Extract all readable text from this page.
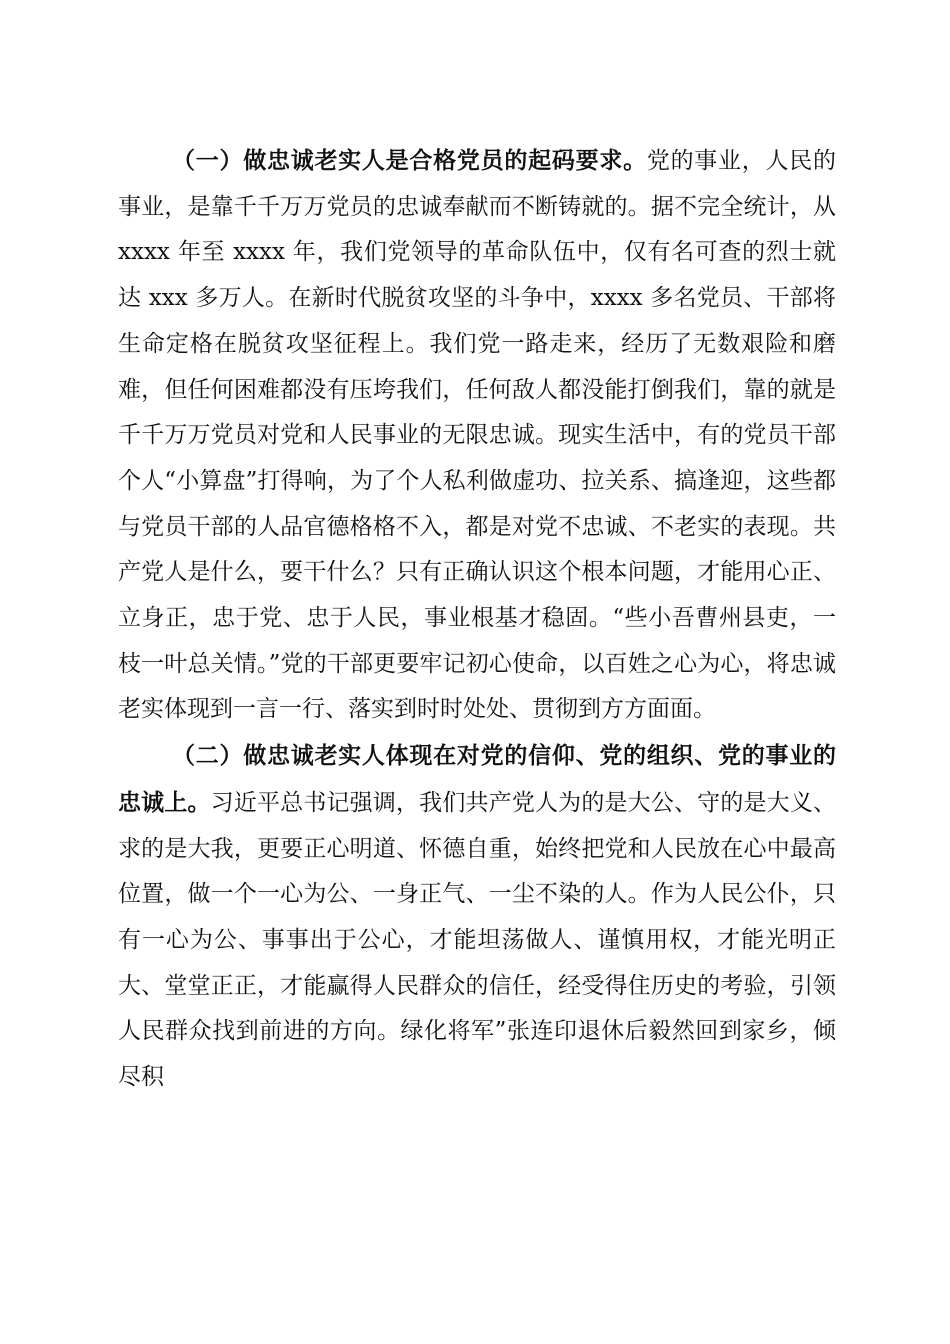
（一）做忠诚老实人是合格党员的起码要求。党的事业，人民的事业，是靠千千万万党员的忠诚奉献而不断铸就的。据不完全统计，从 xxxx 年至 xxxx 年，我们党领导的革命队伍中，仅有名可查的烈士就达 xxx 多万人。在新时代脱贫攻坚的斗争中，xxxx 多名党员、干部将生命定格在脱贫攻坚征程上。我们党一路走来，经历了无数艰险和磨难，但任何困难都没有压垮我们，任何敌人都没能打倒我们，靠的就是千千万万党员对党和人民事业的无限忠诚。现实生活中，有的党员干部个人“小算盘”打得响，为了个人私利做虚功、拉关系、搞逢迎，这些都与党员干部的人品官德格格不入，都是对党不忠诚、不老实的表现。共产党人是什么，要干什么？只有正确认识这个根本问题，才能用心正、立身正，忠于党、忠于人民，事业根基才稳固。“些小吾曹州县吏，一枝一叶总关情。”党的干部更要牢记初心使命，以百姓之心为心，将忠诚老实体现到一言一行、落实到时时处处、贯彻到方方面面。

（二）做忠诚老实人体现在对党的信仰、党的组织、党的事业的忠诚上。习近平总书记强调，我们共产党人为的是大公、守的是大义、求的是大我，更要正心明道、怀德自重，始终把党和人民放在心中最高位置，做一个一心为公、一身正气、一尘不染的人。作为人民公仆，只有一心为公、事事出于公心，才能坦荡做人、谨慎用权，才能光明正大、堂堂正正，才能赢得人民群众的信任，经受得住历史的考验，引领人民群众找到前进的方向。绿化将军”张连印退休后毅然回到家乡，倾尽积
